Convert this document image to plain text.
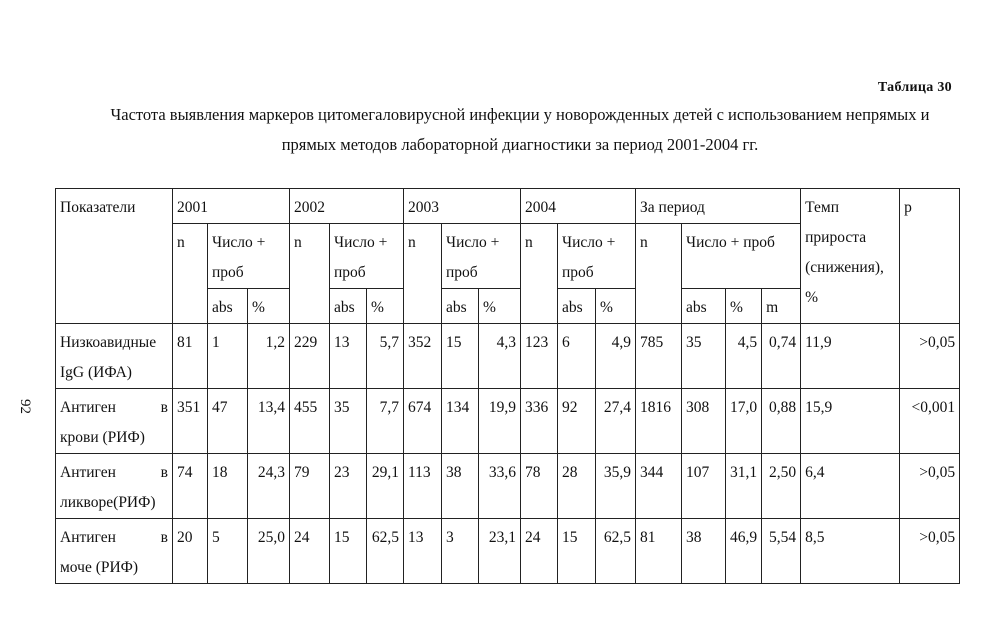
Таблица 30
Частота выявления маркеров цитомегаловирусной инфекции у новорожденных детей с использованием непрямых и
прямых методов лабораторной диагностики за период 2001-2004 гг.
92
Показатели	2001			2002			2003			2004			За период				Темп прироста (снижения), %	p
	n	Число + проб		n	Число + проб		n	Число + проб		n	Число + проб		n	Число + проб				
		abs	%		abs	%		abs	%		abs	%		abs	%	m		

Низкоавидные
IgG (ИФА)	81	1	1,2	229	13	5,7	352	15	4,3	123	6	4,9	785	35	4,5	0,74	11,9	>0,05

Антиген в
крови (РИФ)	351	47	13,4	455	35	7,7	674	134	19,9	336	92	27,4	1816	308	17,0	0,88	15,9	<0,001

Антиген в
ликворе(РИФ)	74	18	24,3	79	23	29,1	113	38	33,6	78	28	35,9	344	107	31,1	2,50	6,4	>0,05

Антиген в
моче (РИФ)	20	5	25,0	24	15	62,5	13	3	23,1	24	15	62,5	81	38	46,9	5,54	8,5	>0,05
